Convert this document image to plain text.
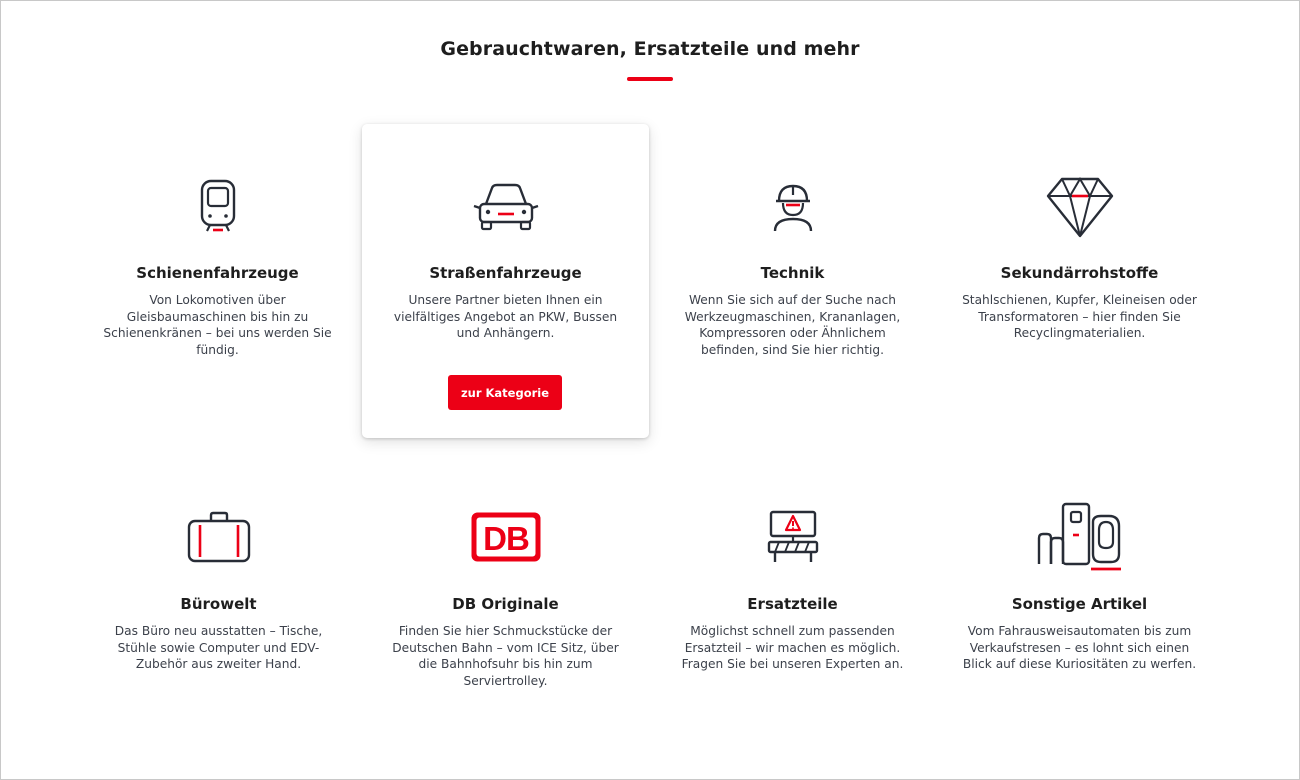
Gebrauchtwaren, Ersatzteile und mehr
Schienenfahrzeuge

Von Lokomotiven über Gleisbaumaschinen bis hin zu Schienenkränen – bei uns werden Sie fündig.

Straßenfahrzeuge

Unsere Partner bieten Ihnen ein vielfältiges Angebot an PKW, Bussen und Anhängern.

zur Kategorie
Technik

Wenn Sie sich auf der Suche nach Werkzeugmaschinen, Krananlagen, Kompressoren oder Ähnlichem befinden, sind Sie hier richtig.

Sekundärrohstoffe

Stahlschienen, Kupfer, Kleineisen oder Transformatoren – hier finden Sie Recyclingmaterialien.

Bürowelt

Das Büro neu ausstatten – Tische, Stühle sowie Computer und EDV-Zubehör aus zweiter Hand.

DB
DB Originale

Finden Sie hier Schmuckstücke der Deutschen Bahn – vom ICE Sitz, über die Bahnhofsuhr bis hin zum Serviertrolley.

Ersatzteile

Möglichst schnell zum passenden Ersatzteil – wir machen es möglich. Fragen Sie bei unseren Experten an.

Sonstige Artikel

Vom Fahrausweisautomaten bis zum Verkaufstresen – es lohnt sich einen Blick auf diese Kuriositäten zu werfen.
